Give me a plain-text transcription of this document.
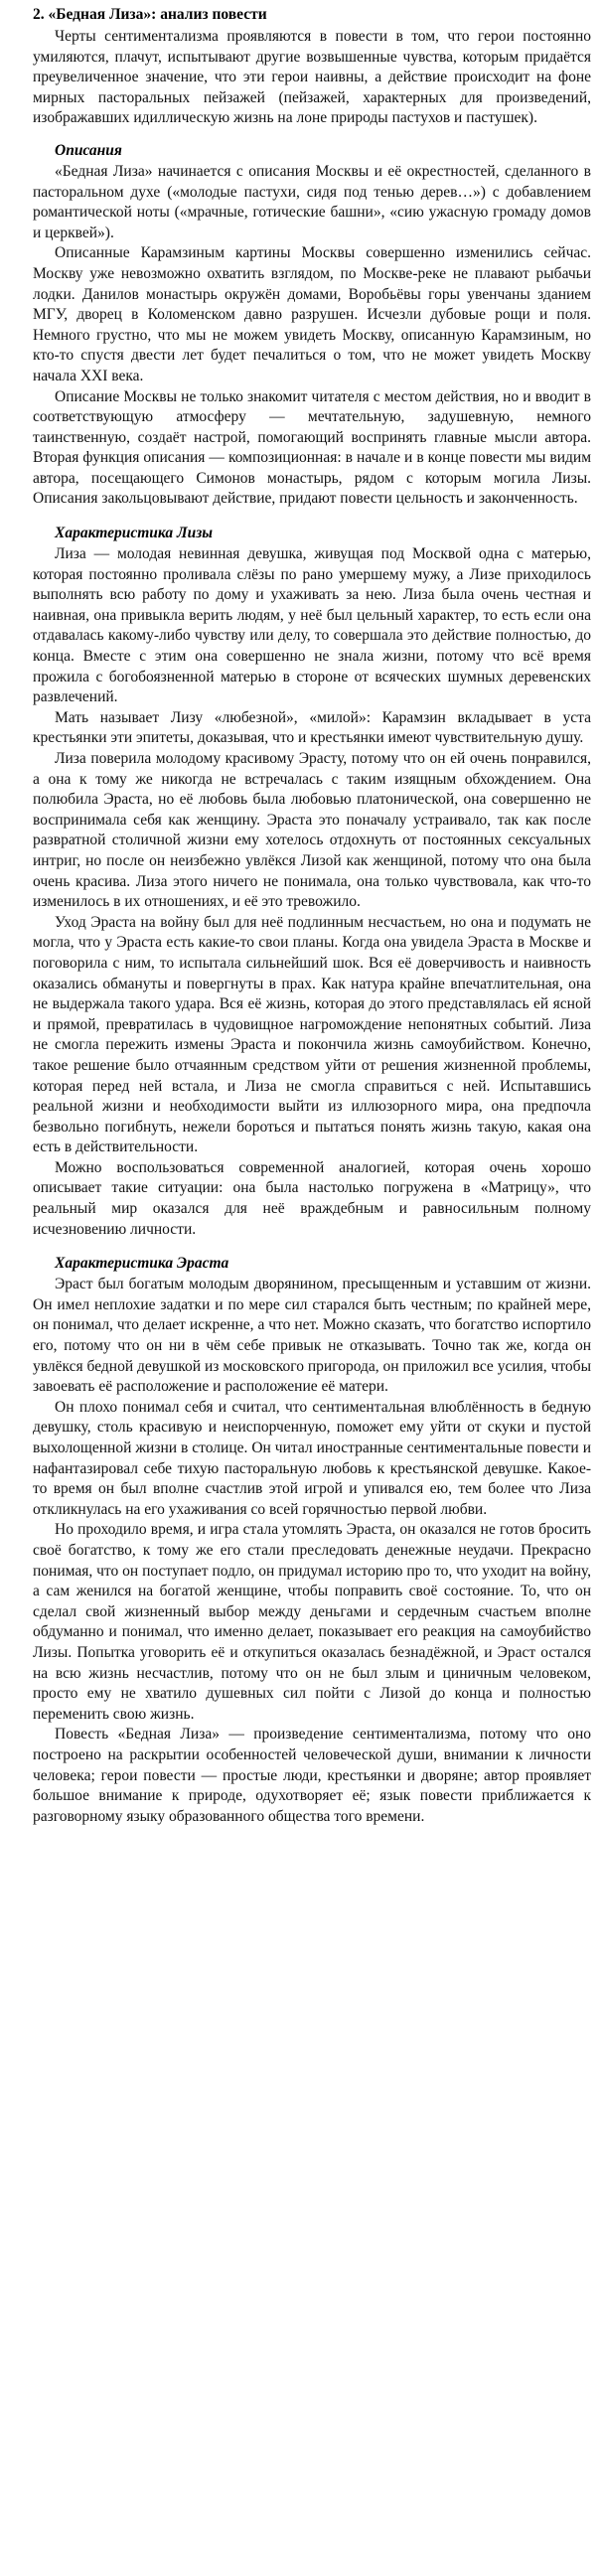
2. «Бедная Лиза»: анализ повести

Черты сентиментализма проявляются в повести в том, что герои постоянно умиляются, плачут, испытывают другие возвышенные чувства, которым придаётся преувеличенное значение, что эти герои наивны, а действие происходит на фоне мирных пасторальных пейзажей (пейзажей, характерных для произведений, изображавших идиллическую жизнь на лоне природы пастухов и пастушек).

Описания

«Бедная Лиза» начинается с описания Москвы и её окрестностей, сделанного в пасторальном духе («молодые пастухи, сидя под тенью дерев…») с добавлением романтической ноты («мрачные, готические башни», «сию ужасную громаду домов и церквей»).

Описанные Карамзиным картины Москвы совершенно изменились сейчас. Москву уже невозможно охватить взглядом, по Москве-реке не плавают рыбачьи лодки. Данилов монастырь окружён домами, Воробьёвы горы увенчаны зданием МГУ, дворец в Коломенском давно разрушен. Исчезли дубовые рощи и поля. Немного грустно, что мы не можем увидеть Москву, описанную Карамзиным, но кто-то спустя двести лет будет печалиться о том, что не может увидеть Москву начала XXI века.

Описание Москвы не только знакомит читателя с местом действия, но и вводит в соответствующую атмосферу — мечтательную, задушевную, немного таинственную, создаёт настрой, помогающий воспринять главные мысли автора. Вторая функция описания — композиционная: в начале и в конце повести мы видим автора, посещающего Симонов монастырь, рядом с которым могила Лизы. Описания закольцовывают действие, придают повести цельность и законченность.

Характеристика Лизы

Лиза — молодая невинная девушка, живущая под Москвой одна с матерью, которая постоянно проливала слёзы по рано умершему мужу, а Лизе приходилось выполнять всю работу по дому и ухаживать за нею. Лиза была очень честная и наивная, она привыкла верить людям, у неё был цельный характер, то есть если она отдавалась какому-либо чувству или делу, то совершала это действие полностью, до конца. Вместе с этим она совершенно не знала жизни, потому что всё время прожила с богобоязненной матерью в стороне от всяческих шумных деревенских развлечений.

Мать называет Лизу «любезной», «милой»: Карамзин вкладывает в уста крестьянки эти эпитеты, доказывая, что и крестьянки имеют чувствительную душу.

Лиза поверила молодому красивому Эрасту, потому что он ей очень понравился, а она к тому же никогда не встречалась с таким изящным обхождением. Она полюбила Эраста, но её любовь была любовью платонической, она совершенно не воспринимала себя как женщину. Эраста это поначалу устраивало, так как после развратной столичной жизни ему хотелось отдохнуть от постоянных сексуальных интриг, но после он неизбежно увлёкся Лизой как женщиной, потому что она была очень красива. Лиза этого ничего не понимала, она только чувствовала, как что-то изменилось в их отношениях, и её это тревожило.

Уход Эраста на войну был для неё подлинным несчастьем, но она и подумать не могла, что у Эраста есть какие-то свои планы. Когда она увидела Эраста в Москве и поговорила с ним, то испытала сильнейший шок. Вся её доверчивость и наивность оказались обмануты и повергнуты в прах. Как натура крайне впечатлительная, она не выдержала такого удара. Вся её жизнь, которая до этого представлялась ей ясной и прямой, превратилась в чудовищное нагромождение непонятных событий. Лиза не смогла пережить измены Эраста и покончила жизнь самоубийством. Конечно, такое решение было отчаянным средством уйти от решения жизненной проблемы, которая перед ней встала, и Лиза не смогла справиться с ней. Испытавшись реальной жизни и необходимости выйти из иллюзорного мира, она предпочла безвольно погибнуть, нежели бороться и пытаться понять жизнь такую, какая она есть в действительности.

Можно воспользоваться современной аналогией, которая очень хорошо описывает такие ситуации: она была настолько погружена в «Матрицу», что реальный мир оказался для неё враждебным и равносильным полному исчезновению личности.

Характеристика Эраста

Эраст был богатым молодым дворянином, пресыщенным и уставшим от жизни. Он имел неплохие задатки и по мере сил старался быть честным; по крайней мере, он понимал, что делает искренне, а что нет. Можно сказать, что богатство испортило его, потому что он ни в чём себе привык не отказывать. Точно так же, когда он увлёкся бедной девушкой из московского пригорода, он приложил все усилия, чтобы завоевать её расположение и расположение её матери.

Он плохо понимал себя и считал, что сентиментальная влюблённость в бедную девушку, столь красивую и неиспорченную, поможет ему уйти от скуки и пустой выхолощенной жизни в столице. Он читал иностранные сентиментальные повести и нафантазировал себе тихую пасторальную любовь к крестьянской девушке. Какое-то время он был вполне счастлив этой игрой и упивался ею, тем более что Лиза откликнулась на его ухаживания со всей горячностью первой любви.

Но проходило время, и игра стала утомлять Эраста, он оказался не готов бросить своё богатство, к тому же его стали преследовать денежные неудачи. Прекрасно понимая, что он поступает подло, он придумал историю про то, что уходит на войну, а сам женился на богатой женщине, чтобы поправить своё состояние. То, что он сделал свой жизненный выбор между деньгами и сердечным счастьем вполне обдуманно и понимал, что именно делает, показывает его реакция на самоубийство Лизы. Попытка уговорить её и откупиться оказалась безнадёжной, и Эраст остался на всю жизнь несчастлив, потому что он не был злым и циничным человеком, просто ему не хватило душевных сил пойти с Лизой до конца и полностью переменить свою жизнь.

Повесть «Бедная Лиза» — произведение сентиментализма, потому что оно построено на раскрытии особенностей человеческой души, внимании к личности человека; герои повести — простые люди, крестьянки и дворяне; автор проявляет большое внимание к природе, одухотворяет её; язык повести приближается к разговорному языку образованного общества того времени.
